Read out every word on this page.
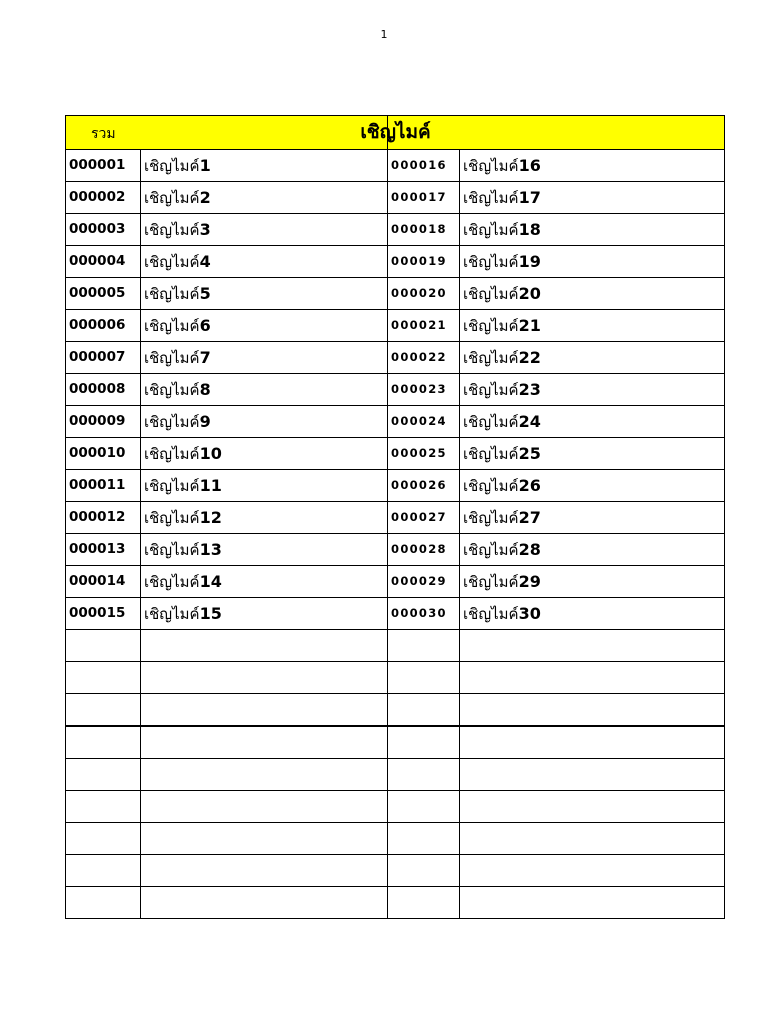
1
รวม เชิญไมค์			

000001	เชิญไมค์1	000016	เชิญไมค์16
000002	เชิญไมค์2	000017	เชิญไมค์17
000003	เชิญไมค์3	000018	เชิญไมค์18
000004	เชิญไมค์4	000019	เชิญไมค์19
000005	เชิญไมค์5	000020	เชิญไมค์20
000006	เชิญไมค์6	000021	เชิญไมค์21
000007	เชิญไมค์7	000022	เชิญไมค์22
000008	เชิญไมค์8	000023	เชิญไมค์23
000009	เชิญไมค์9	000024	เชิญไมค์24
000010	เชิญไมค์10	000025	เชิญไมค์25
000011	เชิญไมค์11	000026	เชิญไมค์26
000012	เชิญไมค์12	000027	เชิญไมค์27
000013	เชิญไมค์13	000028	เชิญไมค์28
000014	เชิญไมค์14	000029	เชิญไมค์29
000015	เชิญไมค์15	000030	เชิญไมค์30
